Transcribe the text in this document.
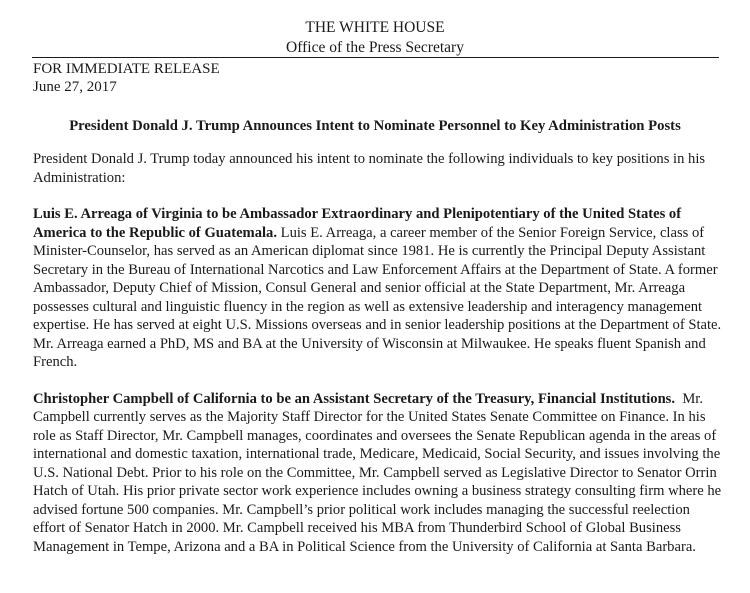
THE WHITE HOUSE
Office of the Press Secretary
FOR IMMEDIATE RELEASE
June 27, 2017
President Donald J. Trump Announces Intent to Nominate Personnel to Key Administration Posts

President Donald J. Trump today announced his intent to nominate the following individuals to key positions in his Administration:

Luis E. Arreaga of Virginia to be Ambassador Extraordinary and Plenipotentiary of the United States of America to the Republic of Guatemala. Luis E. Arreaga, a career member of the Senior Foreign Service, class of Minister-Counselor, has served as an American diplomat since 1981. He is currently the Principal Deputy Assistant Secretary in the Bureau of International Narcotics and Law Enforcement Affairs at the Department of State. A former Ambassador, Deputy Chief of Mission, Consul General and senior official at the State Department, Mr. Arreaga possesses cultural and linguistic fluency in the region as well as extensive leadership and interagency management expertise. He has served at eight U.S. Missions overseas and in senior leadership positions at the Department of State. Mr. Arreaga earned a PhD, MS and BA at the University of Wisconsin at Milwaukee. He speaks fluent Spanish and French.

Christopher Campbell of California to be an Assistant Secretary of the Treasury, Financial Institutions. Mr. Campbell currently serves as the Majority Staff Director for the United States Senate Committee on Finance. In his role as Staff Director, Mr. Campbell manages, coordinates and oversees the Senate Republican agenda in the areas of international and domestic taxation, international trade, Medicare, Medicaid, Social Security, and issues involving the U.S. National Debt. Prior to his role on the Committee, Mr. Campbell served as Legislative Director to Senator Orrin Hatch of Utah. His prior private sector work experience includes owning a business strategy consulting firm where he advised fortune 500 companies. Mr. Campbell’s prior political work includes managing the successful reelection effort of Senator Hatch in 2000. Mr. Campbell received his MBA from Thunderbird School of Global Business Management in Tempe, Arizona and a BA in Political Science from the University of California at Santa Barbara.
